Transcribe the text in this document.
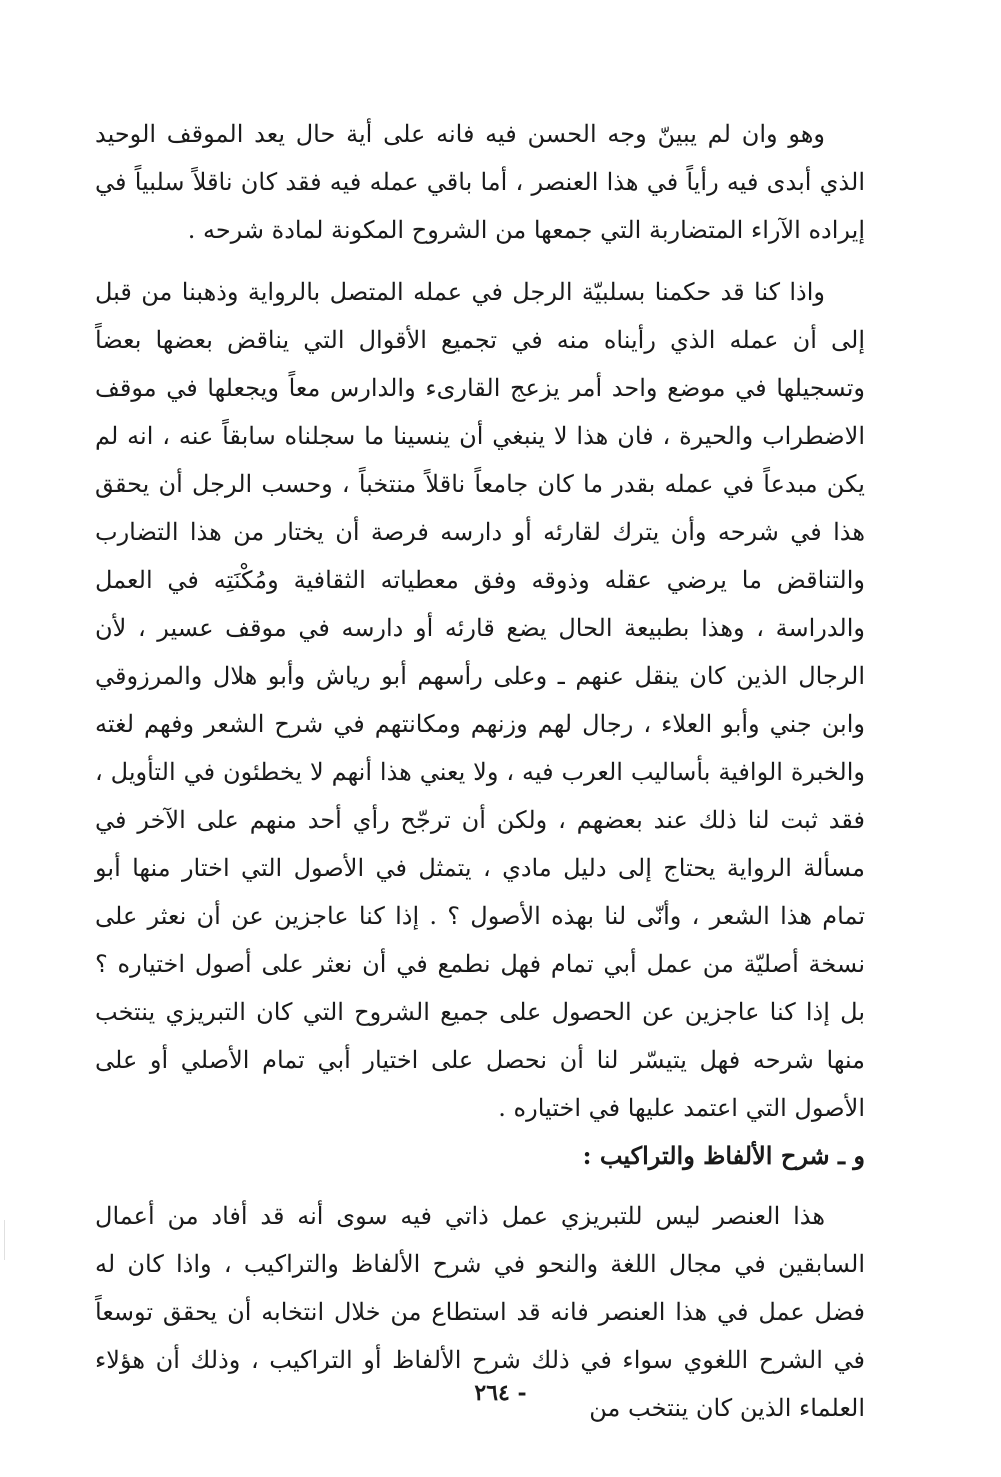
وهو وان لم يبينّ وجه الحسن فيه فانه على أية حال يعد الموقف الوحيد الذي أبدى فيه رأياً في هذا العنصر ، أما باقي عمله فيه فقد كان ناقلاً سلبياً في إيراده الآراء المتضاربة التي جمعها من الشروح المكونة لمادة شرحه .

واذا كنا قد حكمنا بسلبيّة الرجل في عمله المتصل بالرواية وذهبنا من قبل إلى أن عمله الذي رأيناه منه في تجميع الأقوال التي يناقض بعضها بعضاً وتسجيلها في موضع واحد أمر يزعج القارىء والدارس معاً ويجعلها في موقف الاضطراب والحيرة ، فان هذا لا ينبغي أن ينسينا ما سجلناه سابقاً عنه ، انه لم يكن مبدعاً في عمله بقدر ما كان جامعاً ناقلاً منتخباً ، وحسب الرجل أن يحقق هذا في شرحه وأن يترك لقارئه أو دارسه فرصة أن يختار من هذا التضارب والتناقض ما يرضي عقله وذوقه وفق معطياته الثقافية ومُكْنَتِه في العمل والدراسة ، وهذا بطبيعة الحال يضع قارئه أو دارسه في موقف عسير ، لأن الرجال الذين كان ينقل عنهم ـ وعلى رأسهم أبو رياش وأبو هلال والمرزوقي وابن جني وأبو العلاء ، رجال لهم وزنهم ومكانتهم في شرح الشعر وفهم لغته والخبرة الوافية بأساليب العرب فيه ، ولا يعني هذا أنهم لا يخطئون في التأويل ، فقد ثبت لنا ذلك عند بعضهم ، ولكن أن ترجّح رأي أحد منهم على الآخر في مسألة الرواية يحتاج إلى دليل مادي ، يتمثل في الأصول التي اختار منها أبو تمام هذا الشعر ، وأنّى لنا بهذه الأصول ؟ . إذا كنا عاجزين عن أن نعثر على نسخة أصليّة من عمل أبي تمام فهل نطمع في أن نعثر على أصول اختياره ؟ بل إذا كنا عاجزين عن الحصول على جميع الشروح التي كان التبريزي ينتخب منها شرحه فهل يتيسّر لنا أن نحصل على اختيار أبي تمام الأصلي أو على الأصول التي اعتمد عليها في اختياره .

و ـ شرح الألفاظ والتراكيب :

هذا العنصر ليس للتبريزي عمل ذاتي فيه سوى أنه قد أفاد من أعمال السابقين في مجال اللغة والنحو في شرح الألفاظ والتراكيب ، واذا كان له فضل عمل في هذا العنصر فانه قد استطاع من خلال انتخابه أن يحقق توسعاً في الشرح اللغوي سواء في ذلك شرح الألفاظ أو التراكيب ، وذلك أن هؤلاء العلماء الذين كان ينتخب من

- ٢٦٤
